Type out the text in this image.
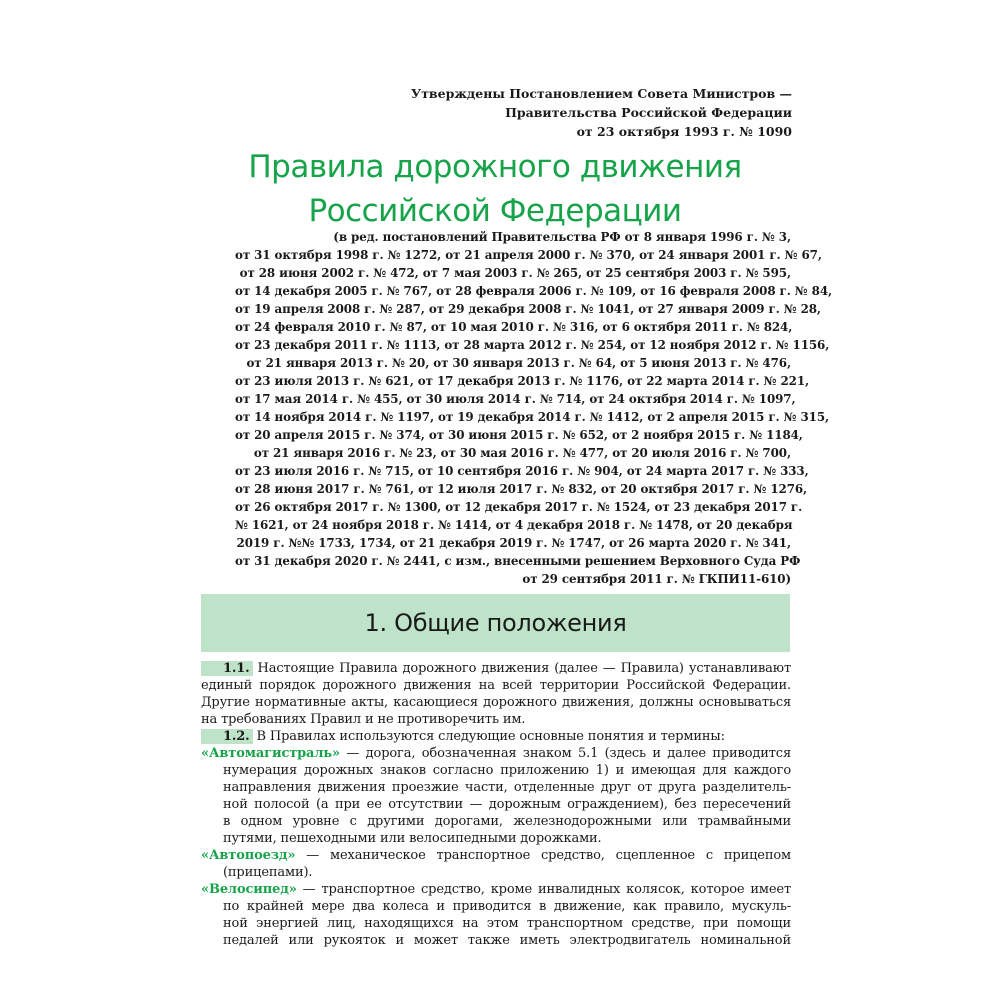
Утверждены Постановлением Совета Министров —
Правительства Российской Федерации
от 23 октября 1993 г. № 1090
Правила дорожного движения
Российской Федерации
(в ред. постановлений Правительства РФ от 8 января 1996 г. № 3,
от 31 октября 1998 г. № 1272, от 21 апреля 2000 г. № 370, от 24 января 2001 г. № 67,
от 28 июня 2002 г. № 472, от 7 мая 2003 г. № 265, от 25 сентября 2003 г. № 595,
от 14 декабря 2005 г. № 767, от 28 февраля 2006 г. № 109, от 16 февраля 2008 г. № 84,
от 19 апреля 2008 г. № 287, от 29 декабря 2008 г. № 1041, от 27 января 2009 г. № 28,
от 24 февраля 2010 г. № 87, от 10 мая 2010 г. № 316, от 6 октября 2011 г. № 824,
от 23 декабря 2011 г. № 1113, от 28 марта 2012 г. № 254, от 12 ноября 2012 г. № 1156,
от 21 января 2013 г. № 20, от 30 января 2013 г. № 64, от 5 июня 2013 г. № 476,
от 23 июля 2013 г. № 621, от 17 декабря 2013 г. № 1176, от 22 марта 2014 г. № 221,
от 17 мая 2014 г. № 455, от 30 июля 2014 г. № 714, от 24 октября 2014 г. № 1097,
от 14 ноября 2014 г. № 1197, от 19 декабря 2014 г. № 1412, от 2 апреля 2015 г. № 315,
от 20 апреля 2015 г. № 374, от 30 июня 2015 г. № 652, от 2 ноября 2015 г. № 1184,
от 21 января 2016 г. № 23, от 30 мая 2016 г. № 477, от 20 июля 2016 г. № 700,
от 23 июля 2016 г. № 715, от 10 сентября 2016 г. № 904, от 24 марта 2017 г. № 333,
от 28 июня 2017 г. № 761, от 12 июля 2017 г. № 832, от 20 октября 2017 г. № 1276,
от 26 октября 2017 г. № 1300, от 12 декабря 2017 г. № 1524, от 23 декабря 2017 г.
№ 1621, от 24 ноября 2018 г. № 1414, от 4 декабря 2018 г. № 1478, от 20 декабря
2019 г. №№ 1733, 1734, от 21 декабря 2019 г. № 1747, от 26 марта 2020 г. № 341,
от 31 декабря 2020 г. № 2441, с изм., внесенными решением Верховного Суда РФ
от 29 сентября 2011 г. № ГКПИ11-610)
1. Общие положения
1.1. Настоящие Правила дорожного движения (далее — Правила) устанавливают
единый порядок дорожного движения на всей территории Российской Федерации.
Другие нормативные акты, касающиеся дорожного движения, должны основываться
на требованиях Правил и не противоречить им.
1.2. В Правилах используются следующие основные понятия и термины:
«Автомагистраль» — дорога, обозначенная знаком 5.1 (здесь и далее приводится
нумерация дорожных знаков согласно приложению 1) и имеющая для каждого
направления движения проезжие части, отделенные друг от друга разделитель-
ной полосой (а при ее отсутствии — дорожным ограждением), без пересечений
в одном уровне с другими дорогами, железнодорожными или трамвайными
путями, пешеходными или велосипедными дорожками.
«Автопоезд» — механическое транспортное средство, сцепленное с прицепом
(прицепами).
«Велосипед» — транспортное средство, кроме инвалидных колясок, которое имеет
по крайней мере два колеса и приводится в движение, как правило, мускуль-
ной энергией лиц, находящихся на этом транспортном средстве, при помощи
педалей или рукояток и может также иметь электродвигатель номинальной
